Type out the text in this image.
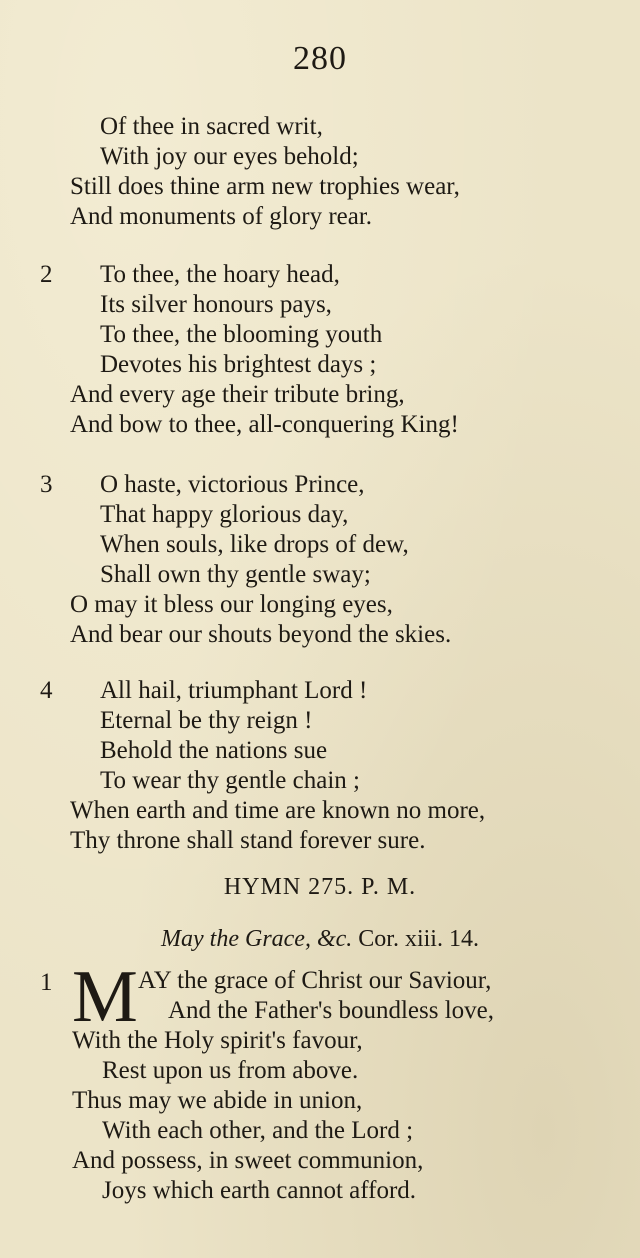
280
Of thee in sacred writ,
With joy our eyes behold;
Still does thine arm new trophies wear,
And monuments of glory rear.
2 To thee, the hoary head,
Its silver honours pays,
To thee, the blooming youth
Devotes his brightest days ;
And every age their tribute bring,
And bow to thee, all-conquering King!
3 O haste, victorious Prince,
That happy glorious day,
When souls, like drops of dew,
Shall own thy gentle sway;
O may it bless our longing eyes,
And bear our shouts beyond the skies.
4 All hail, triumphant Lord !
Eternal be thy reign !
Behold the nations sue
To wear thy gentle chain ;
When earth and time are known no more,
Thy throne shall stand forever sure.
HYMN 275. P. M.
May the Grace, &c. Cor. xiii. 14.
1 M AY the grace of Christ our Saviour,
And the Father's boundless love,
With the Holy spirit's favour,
Rest upon us from above.
Thus may we abide in union,
With each other, and the Lord ;
And possess, in sweet communion,
Joys which earth cannot afford.
